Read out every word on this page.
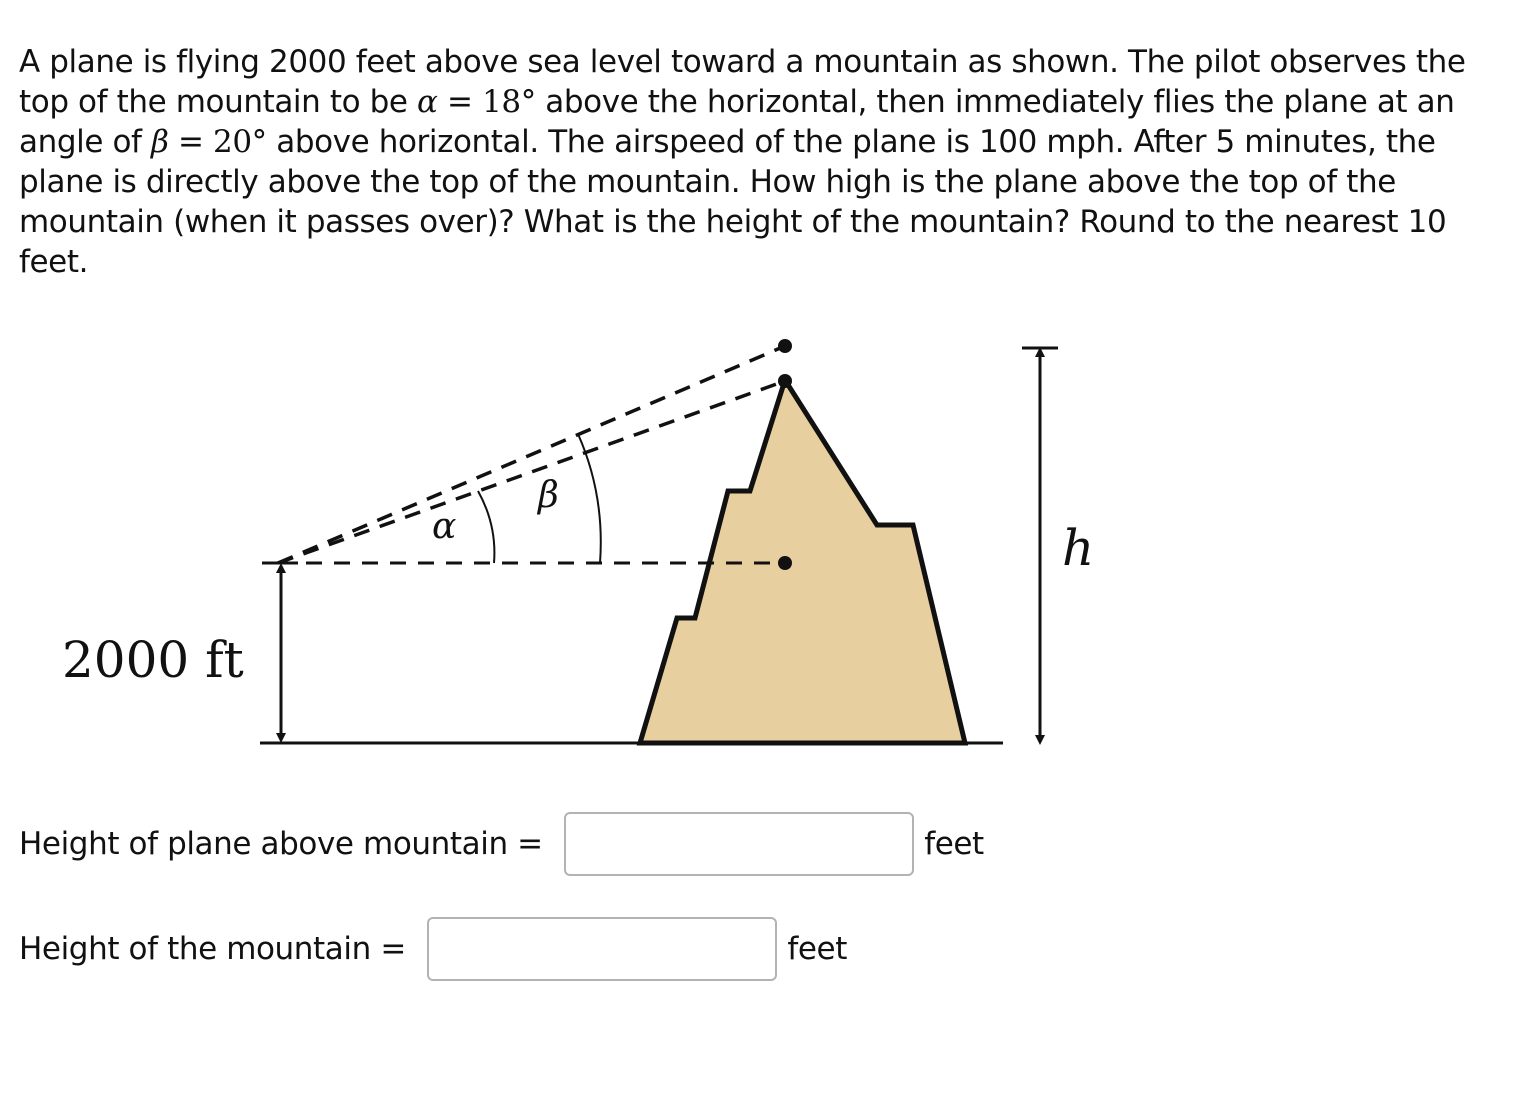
A plane is flying 2000 feet above sea level toward a mountain as shown. The pilot observes the top of the mountain to be α = 18° above the horizontal, then immediately flies the plane at an angle of β = 20° above horizontal. The airspeed of the plane is 100 mph. After 5 minutes, the plane is directly above the top of the mountain. How high is the plane above the top of the mountain (when it passes over)? What is the height of the mountain? Round to the nearest 10 feet.
α
β
2000 ft
h
Height of plane above mountain =	feet
Height of the mountain =	feet
